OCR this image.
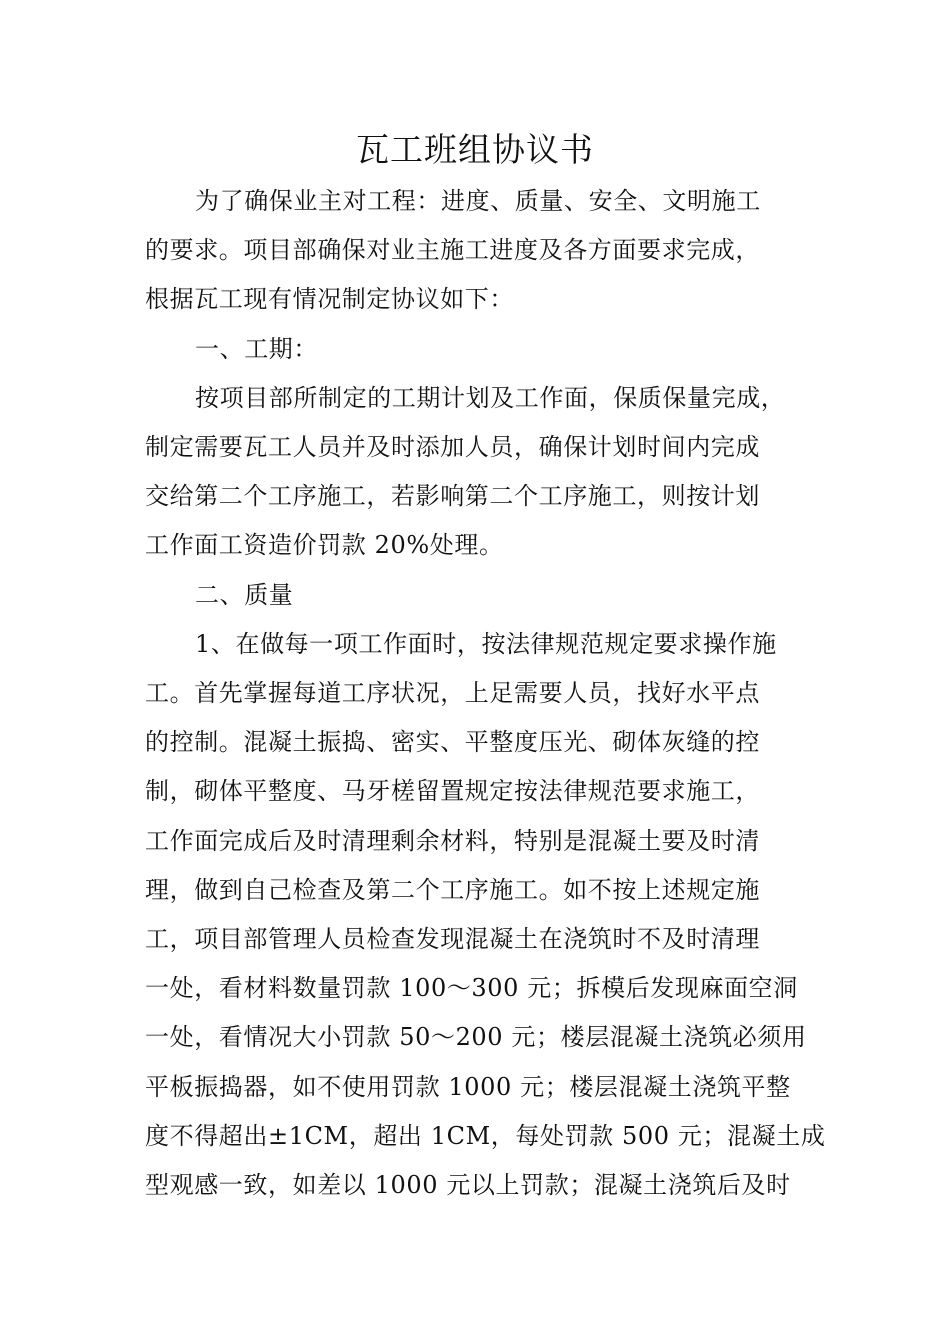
瓦工班组协议书

为了确保业主对工程：进度、质量、安全、文明施工

的要求。项目部确保对业主施工进度及各方面要求完成，

根据瓦工现有情况制定协议如下：

一、工期：

按项目部所制定的工期计划及工作面，保质保量完成，

制定需要瓦工人员并及时添加人员，确保计划时间内完成

交给第二个工序施工，若影响第二个工序施工，则按计划

工作面工资造价罚款 20%处理。

二、质量

1、在做每一项工作面时，按法律规范规定要求操作施

工。首先掌握每道工序状况，上足需要人员，找好水平点

的控制。混凝土振捣、密实、平整度压光、砌体灰缝的控

制，砌体平整度、马牙槎留置规定按法律规范要求施工，

工作面完成后及时清理剩余材料，特别是混凝土要及时清

理，做到自己检查及第二个工序施工。如不按上述规定施

工，项目部管理人员检查发现混凝土在浇筑时不及时清理

一处，看材料数量罚款 100～300 元；拆模后发现麻面空洞

一处，看情况大小罚款 50～200 元；楼层混凝土浇筑必须用

平板振捣器，如不使用罚款 1000 元；楼层混凝土浇筑平整

度不得超出±1CM，超出 1CM，每处罚款 500 元；混凝土成

型观感一致，如差以 1000 元以上罚款；混凝土浇筑后及时
